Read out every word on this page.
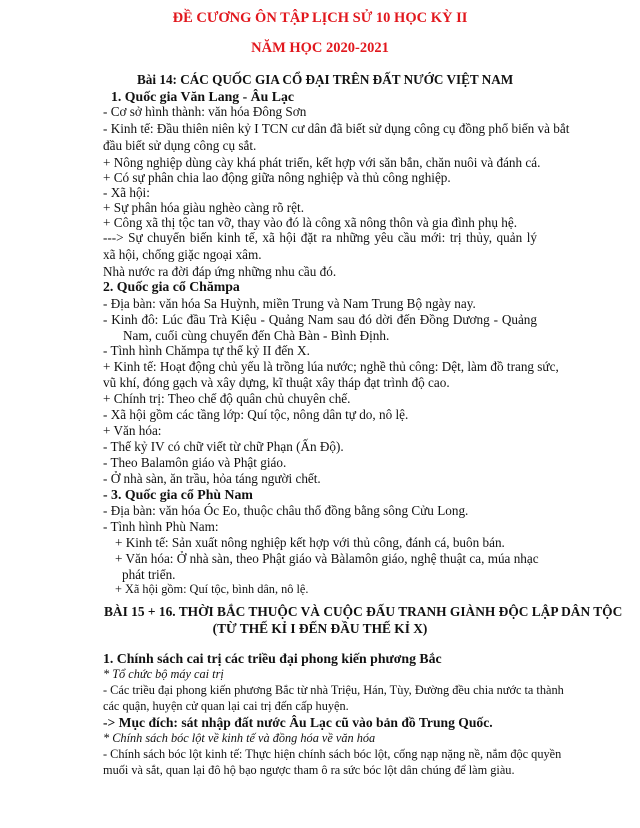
ĐỀ CƯƠNG ÔN TẬP LỊCH SỬ 10 HỌC KỲ II
NĂM HỌC 2020-2021
Bài 14: CÁC QUỐC GIA CỔ ĐẠI TRÊN ĐẤT NƯỚC VIỆT NAM
1. Quốc gia Văn Lang - Âu Lạc
- Cơ sở hình thành: văn hóa Đông Sơn
- Kinh tế: Đầu thiên niên kỷ I TCN cư dân đã biết sử dụng công cụ đồng phổ biến và bắt
đầu biết sử dụng công cụ sắt.
+ Nông nghiệp dùng cày khá phát triển, kết hợp với săn bắn, chăn nuôi và đánh cá.
+ Có sự phân chia lao động giữa nông nghiệp và thủ công nghiệp.
- Xã hội:
+ Sự phân hóa giàu nghèo càng rõ rệt.
+ Công xã thị tộc tan vỡ, thay vào đó là công xã nông thôn và gia đình phụ hệ.
---> Sự chuyển biến kinh tế, xã hội đặt ra những yêu cầu mới: trị thủy, quản lý
xã hội, chống giặc ngoại xâm.
Nhà nước ra đời đáp ứng những nhu cầu đó.
2. Quốc gia cổ Chămpa
- Địa bàn: văn hóa Sa Huỳnh, miền Trung và Nam Trung Bộ ngày nay.
- Kinh đô: Lúc đầu Trà Kiệu - Quảng Nam sau đó dời đến Đồng Dương - Quảng
Nam, cuối cùng chuyển đến Chà Bàn - Bình Định.
- Tình hình Chămpa tự thế kỷ II đến X.
+ Kinh tế: Hoạt động chủ yếu là trồng lúa nước; nghề thủ công: Dệt, làm đồ trang sức,
vũ khí, đóng gạch và xây dựng, kĩ thuật xây tháp đạt trình độ cao.
+ Chính trị: Theo chế độ quân chủ chuyên chế.
- Xã hội gồm các tầng lớp: Quí tộc, nông dân tự do, nô lệ.
+ Văn hóa:
- Thế kỷ IV có chữ viết từ chữ Phạn (Ấn Độ).
- Theo Balamôn giáo và Phật giáo.
- Ở nhà sàn, ăn trầu, hỏa táng người chết.
- 3. Quốc gia cổ Phù Nam
- Địa bàn: văn hóa Óc Eo, thuộc châu thổ đồng bằng sông Cửu Long.
- Tình hình Phù Nam:
+ Kinh tế: Sản xuất nông nghiệp kết hợp với thủ công, đánh cá, buôn bán.
+ Văn hóa: Ở nhà sàn, theo Phật giáo và Bàlamôn giáo, nghệ thuật ca, múa nhạc
phát triển.
+ Xã hội gồm: Quí tộc, bình dân, nô lệ.
BÀI 15 + 16. THỜI BẮC THUỘC VÀ CUỘC ĐẤU TRANH GIÀNH ĐỘC LẬP DÂN TỘC
(TỪ THẾ KỈ I ĐẾN ĐẦU THẾ KỈ X)
1. Chính sách cai trị các triều đại phong kiến phương Bắc
* Tổ chức bộ máy cai trị
- Các triều đại phong kiến phương Bắc từ nhà Triệu, Hán, Tùy, Đường đều chia nước ta thành
các quận, huyện cử quan lại cai trị đến cấp huyện.
-> Mục đích: sát nhập đất nước Âu Lạc cũ vào bản đồ Trung Quốc.
* Chính sách bóc lột về kinh tế và đồng hóa về văn hóa
- Chính sách bóc lột kinh tế: Thực hiện chính sách bóc lột, cống nạp nặng nề, nắm độc quyền
muối và sắt, quan lại đô hộ bạo ngược tham ô ra sức bóc lột dân chúng để làm giàu.
